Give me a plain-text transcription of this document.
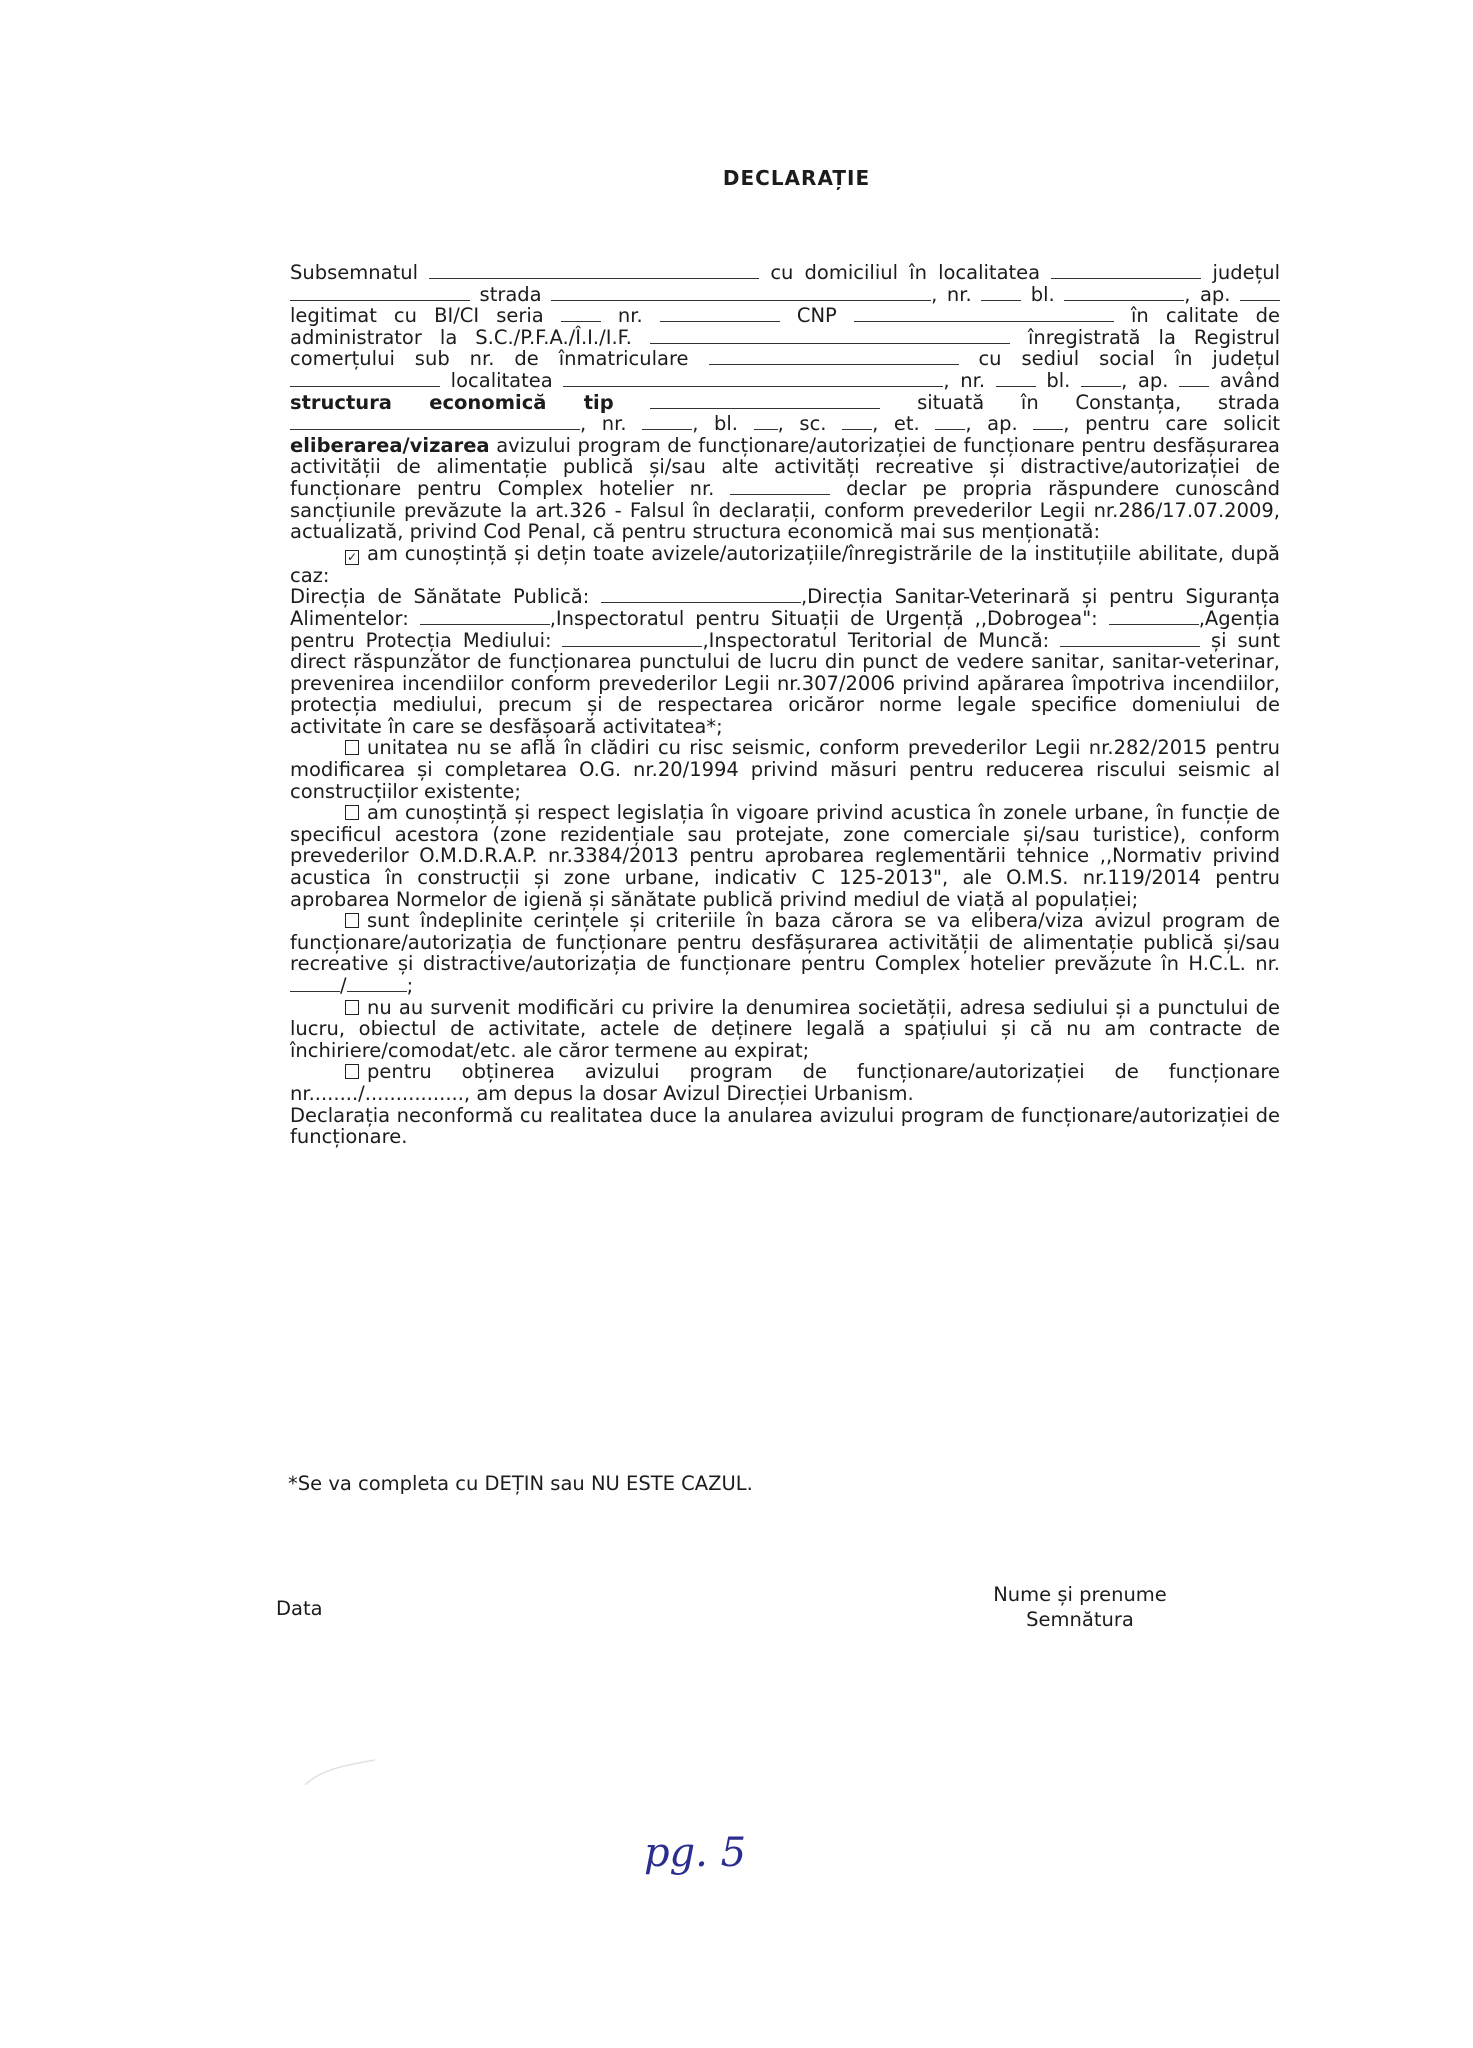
DECLARAȚIE

Subsemnatul	cu domiciliul în localitatea	județul  strada	, nr.	bl.	, ap.  legitimat cu BI/CI seria	nr.	CNP	în calitate de administrator la S.C./P.F.A./Î.I./I.F.	înregistrată la Registrul comerțului sub nr. de înmatriculare	cu sediul social în județul  localitatea	, nr.	bl.	, ap.	având structura economică tip	situată în Constanța, strada , nr.	, bl. , sc. , et. , ap. , pentru care solicit eliberarea/vizarea avizului program de funcționare/autorizației de funcționare pentru desfășurarea activității de alimentație publică și/sau alte activități recreative și distractive/autorizației de funcționare pentru Complex hotelier nr.	declar pe propria răspundere cunoscând sancțiunile prevăzute la art.326 - Falsul în declarații, conform prevederilor Legii nr.286/17.07.2009, actualizată, privind Cod Penal, că pentru structura economică mai sus menționată:

✓ am cunoștință și dețin toate avizele/autorizațiile/înregistrările de la instituțiile abilitate, după caz:

Direcția de Sănătate Publică:	,Direcția Sanitar-Veterinară și pentru Siguranța Alimentelor:	,Inspectoratul pentru Situații de Urgență ,,Dobrogea":	,Agenția pentru Protecția Mediului:	,Inspectoratul Teritorial de Muncă:	și sunt direct răspunzător de funcționarea punctului de lucru din punct de vedere sanitar, sanitar-veterinar, prevenirea incendiilor conform prevederilor Legii nr.307/2006 privind apărarea împotriva incendiilor, protecția mediului, precum și de respectarea oricăror norme legale specifice domeniului de activitate în care se desfășoară activitatea*;

unitatea nu se află în clădiri cu risc seismic, conform prevederilor Legii nr.282/2015 pentru modificarea și completarea O.G. nr.20/1994 privind măsuri pentru reducerea riscului seismic al construcțiilor existente;

am cunoștință și respect legislația în vigoare privind acustica în zonele urbane, în funcție de specificul acestora (zone rezidențiale sau protejate, zone comerciale și/sau turistice), conform prevederilor O.M.D.R.A.P. nr.3384/2013 pentru aprobarea reglementării tehnice ,,Normativ privind acustica în construcții și zone urbane, indicativ C 125-2013", ale O.M.S. nr.119/2014 pentru aprobarea Normelor de igienă și sănătate publică privind mediul de viață al populației;

sunt îndeplinite cerințele și criteriile în baza cărora se va elibera/viza avizul program de funcționare/autorizația de funcționare pentru desfășurarea activității de alimentație publică și/sau recreative și distractive/autorizația de funcționare pentru Complex hotelier prevăzute în H.C.L. nr./	;

nu au survenit modificări cu privire la denumirea societății, adresa sediului și a punctului de lucru, obiectul de activitate, actele de deținere legală a spațiului și că nu am contracte de închiriere/comodat/etc. ale căror termene au expirat;

pentru obținerea avizului program de funcționare/autorizației de funcționare nr......../................, am depus la dosar Avizul Direcției Urbanism.

Declarația neconformă cu realitatea duce la anularea avizului program de funcționare/autorizației de funcționare.

*Se va completa cu DEȚIN sau NU ESTE CAZUL.
Data
Nume și prenume
Semnătura
pg. 5
